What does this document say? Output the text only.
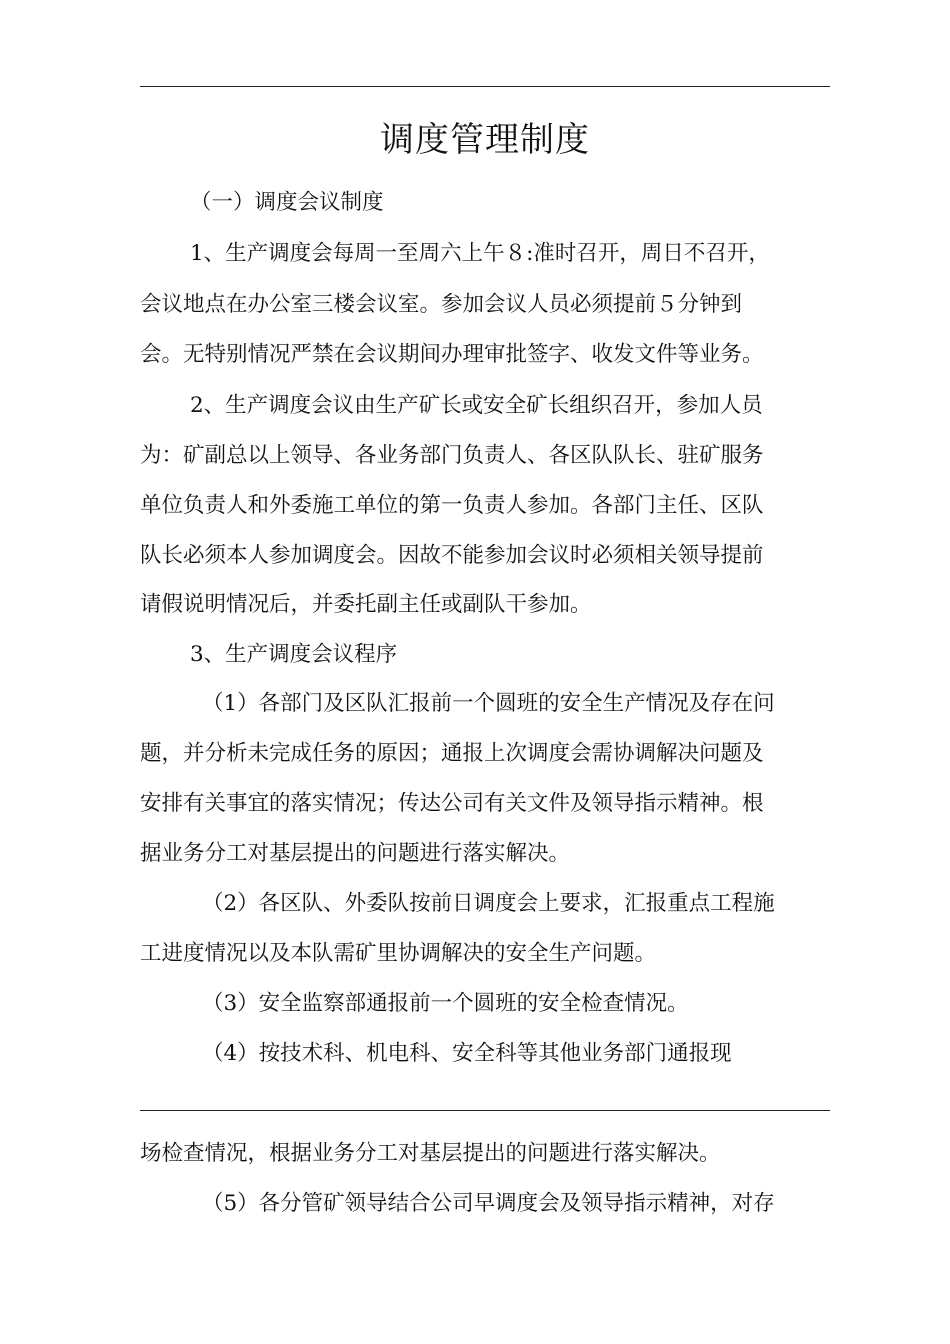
调度管理制度
（一）调度会议制度
1、生产调度会每周一至周六上午８:准时召开，周日不召开，
会议地点在办公室三楼会议室。参加会议人员必须提前５分钟到
会。无特别情况严禁在会议期间办理审批签字、收发文件等业务。
2、生产调度会议由生产矿长或安全矿长组织召开，参加人员
为：矿副总以上领导、各业务部门负责人、各区队队长、驻矿服务
单位负责人和外委施工单位的第一负责人参加。各部门主任、区队
队长必须本人参加调度会。因故不能参加会议时必须相关领导提前
请假说明情况后，并委托副主任或副队干参加。
3、生产调度会议程序
（1）各部门及区队汇报前一个圆班的安全生产情况及存在问
题，并分析未完成任务的原因；通报上次调度会需协调解决问题及
安排有关事宜的落实情况；传达公司有关文件及领导指示精神。根
据业务分工对基层提出的问题进行落实解决。
（2）各区队、外委队按前日调度会上要求，汇报重点工程施
工进度情况以及本队需矿里协调解决的安全生产问题。
（3）安全监察部通报前一个圆班的安全检查情况。
（4）按技术科、机电科、安全科等其他业务部门通报现
场检查情况，根据业务分工对基层提出的问题进行落实解决。
（5）各分管矿领导结合公司早调度会及领导指示精神，对存
